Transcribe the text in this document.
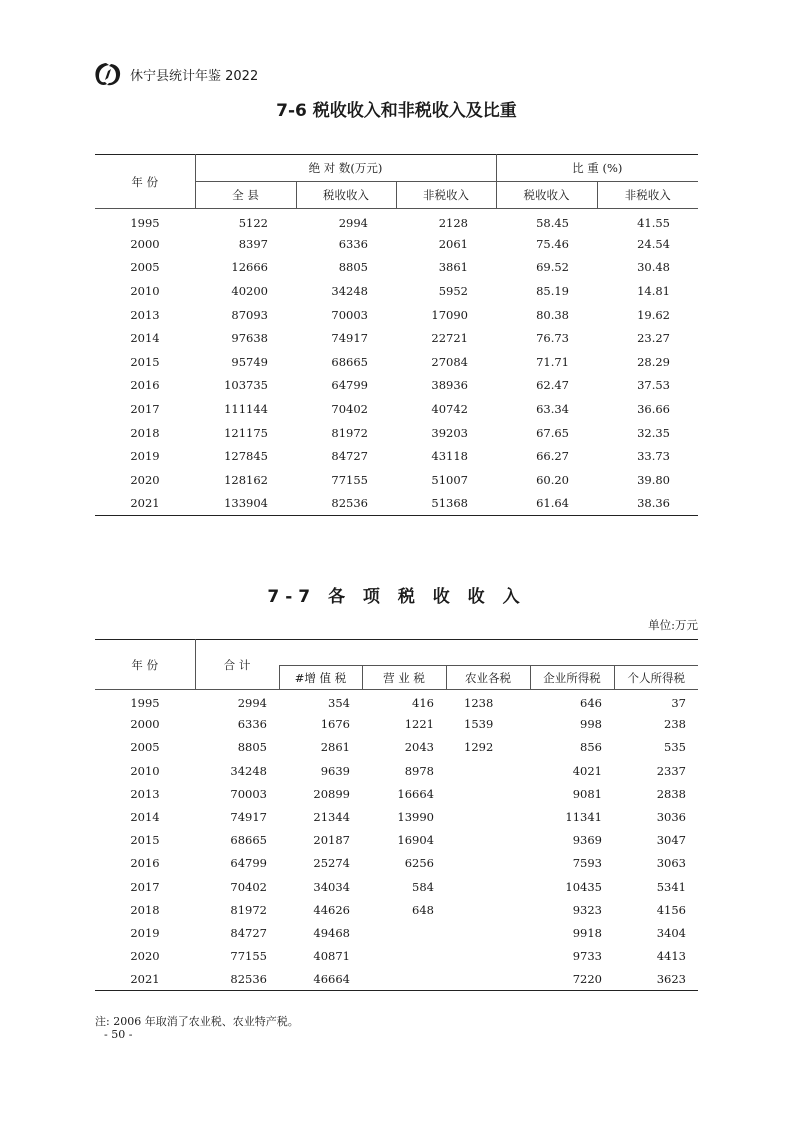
休宁县统计年鉴 2022
7-6 税收收入和非税收入及比重
年 份	绝 对 数(万元)			比 重 (%)	
	全 县	税收收入	非税收入	税收收入	非税收入
1995	5122	2994	2128	58.45	41.55
2000	8397	6336	2061	75.46	24.54
2005	12666	8805	3861	69.52	30.48
2010	40200	34248	5952	85.19	14.81
2013	87093	70003	17090	80.38	19.62
2014	97638	74917	22721	76.73	23.27
2015	95749	68665	27084	71.71	28.29
2016	103735	64799	38936	62.47	37.53
2017	111144	70402	40742	63.34	36.66
2018	121175	81972	39203	67.65	32.35
2019	127845	84727	43118	66.27	33.73
2020	128162	77155	51007	60.20	39.80
2021	133904	82536	51368	61.64	38.36
7-7 各 项 税 收 收 入
单位:万元
年 份	合 计					
		#增 值 税	营 业 税	农业各税	企业所得税	个人所得税
1995	2994	354	416	1238	646	37
2000	6336	1676	1221	1539	998	238
2005	8805	2861	2043	1292	856	535
2010	34248	9639	8978		4021	2337
2013	70003	20899	16664		9081	2838
2014	74917	21344	13990		11341	3036
2015	68665	20187	16904		9369	3047
2016	64799	25274	6256		7593	3063
2017	70402	34034	584		10435	5341
2018	81972	44626	648		9323	4156
2019	84727	49468			9918	3404
2020	77155	40871			9733	4413
2021	82536	46664			7220	3623
注: 2006 年取消了农业税、农业特产税。
- 50 -
